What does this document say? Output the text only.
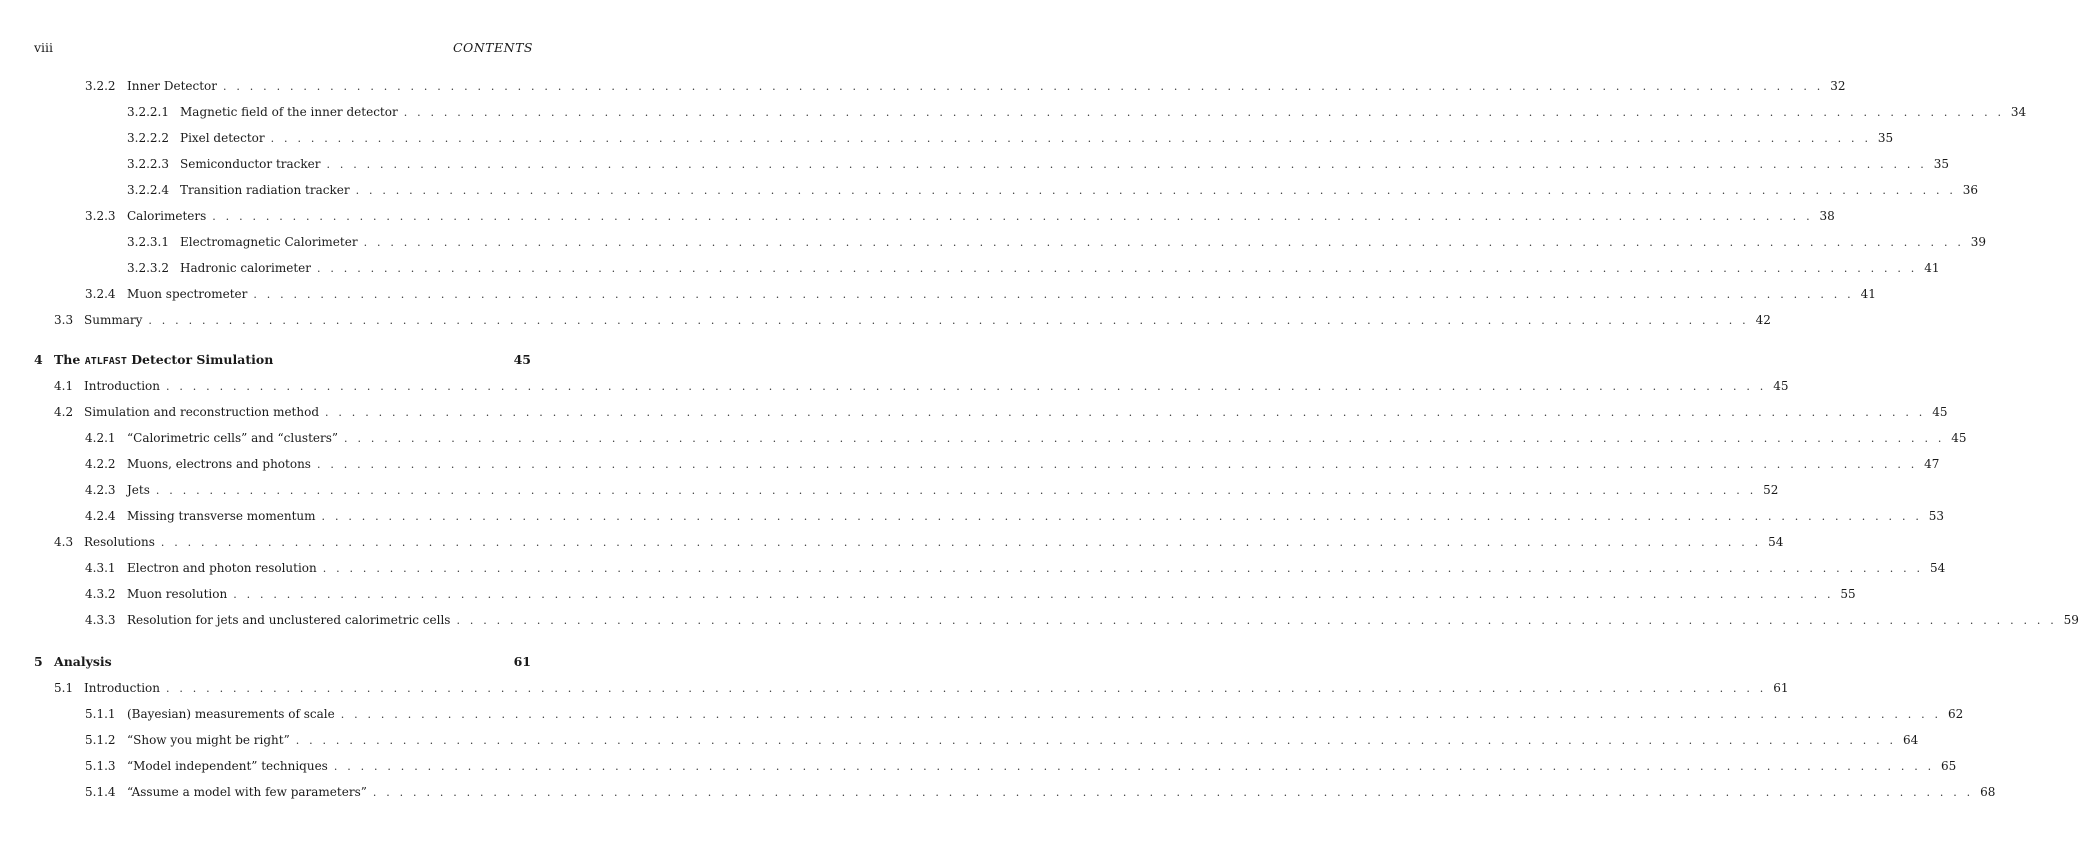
viii	CONTENTS
3.2.2 Inner Detector . . . . . . . . . . . . . . . . . . . . . . . . . . . . . . . . . . . . . . . . . . . . . . . . . . . . . . . . . . . . . . . . . . . . . . . . . . . . . . . . . . . . . . . . . . . . . . . . . . . . . . . . . . . . . . . . . . . . . . . . 32
3.2.2.1 Magnetic field of the inner detector . . . . . . . . . . . . . . . . . . . . . . . . . . . . . . . . . . . . . . . . . . . . . . . . . . . . . . . . . . . . . . . . . . . . . . . . . . . . . . . . . . . . . . . . . . . . . . . . . . . . . . . . . . . . . . . . . . . . . . . . 34
3.2.2.2 Pixel detector . . . . . . . . . . . . . . . . . . . . . . . . . . . . . . . . . . . . . . . . . . . . . . . . . . . . . . . . . . . . . . . . . . . . . . . . . . . . . . . . . . . . . . . . . . . . . . . . . . . . . . . . . . . . . . . . . . . . . . . . 35
3.2.2.3 Semiconductor tracker . . . . . . . . . . . . . . . . . . . . . . . . . . . . . . . . . . . . . . . . . . . . . . . . . . . . . . . . . . . . . . . . . . . . . . . . . . . . . . . . . . . . . . . . . . . . . . . . . . . . . . . . . . . . . . . . . . . . . . . . 35
3.2.2.4 Transition radiation tracker . . . . . . . . . . . . . . . . . . . . . . . . . . . . . . . . . . . . . . . . . . . . . . . . . . . . . . . . . . . . . . . . . . . . . . . . . . . . . . . . . . . . . . . . . . . . . . . . . . . . . . . . . . . . . . . . . . . . . . . . 36
3.2.3 Calorimeters . . . . . . . . . . . . . . . . . . . . . . . . . . . . . . . . . . . . . . . . . . . . . . . . . . . . . . . . . . . . . . . . . . . . . . . . . . . . . . . . . . . . . . . . . . . . . . . . . . . . . . . . . . . . . . . . . . . . . . . . 38
3.2.3.1 Electromagnetic Calorimeter . . . . . . . . . . . . . . . . . . . . . . . . . . . . . . . . . . . . . . . . . . . . . . . . . . . . . . . . . . . . . . . . . . . . . . . . . . . . . . . . . . . . . . . . . . . . . . . . . . . . . . . . . . . . . . . . . . . . . . . . 39
3.2.3.2 Hadronic calorimeter . . . . . . . . . . . . . . . . . . . . . . . . . . . . . . . . . . . . . . . . . . . . . . . . . . . . . . . . . . . . . . . . . . . . . . . . . . . . . . . . . . . . . . . . . . . . . . . . . . . . . . . . . . . . . . . . . . . . . . . . 41
3.2.4 Muon spectrometer . . . . . . . . . . . . . . . . . . . . . . . . . . . . . . . . . . . . . . . . . . . . . . . . . . . . . . . . . . . . . . . . . . . . . . . . . . . . . . . . . . . . . . . . . . . . . . . . . . . . . . . . . . . . . . . . . . . . . . . . 41
3.3 Summary . . . . . . . . . . . . . . . . . . . . . . . . . . . . . . . . . . . . . . . . . . . . . . . . . . . . . . . . . . . . . . . . . . . . . . . . . . . . . . . . . . . . . . . . . . . . . . . . . . . . . . . . . . . . . . . . . . . . . . . . 42
4 The ATLFAST Detector Simulation	45
4.1 Introduction . . . . . . . . . . . . . . . . . . . . . . . . . . . . . . . . . . . . . . . . . . . . . . . . . . . . . . . . . . . . . . . . . . . . . . . . . . . . . . . . . . . . . . . . . . . . . . . . . . . . . . . . . . . . . . . . . . . . . . . . 45
4.2 Simulation and reconstruction method . . . . . . . . . . . . . . . . . . . . . . . . . . . . . . . . . . . . . . . . . . . . . . . . . . . . . . . . . . . . . . . . . . . . . . . . . . . . . . . . . . . . . . . . . . . . . . . . . . . . . . . . . . . . . . . . . . . . . . . . 45
4.2.1 “Calorimetric cells” and “clusters” . . . . . . . . . . . . . . . . . . . . . . . . . . . . . . . . . . . . . . . . . . . . . . . . . . . . . . . . . . . . . . . . . . . . . . . . . . . . . . . . . . . . . . . . . . . . . . . . . . . . . . . . . . . . . . . . . . . . . . . . 45
4.2.2 Muons, electrons and photons . . . . . . . . . . . . . . . . . . . . . . . . . . . . . . . . . . . . . . . . . . . . . . . . . . . . . . . . . . . . . . . . . . . . . . . . . . . . . . . . . . . . . . . . . . . . . . . . . . . . . . . . . . . . . . . . . . . . . . . . 47
4.2.3 Jets . . . . . . . . . . . . . . . . . . . . . . . . . . . . . . . . . . . . . . . . . . . . . . . . . . . . . . . . . . . . . . . . . . . . . . . . . . . . . . . . . . . . . . . . . . . . . . . . . . . . . . . . . . . . . . . . . . . . . . . . 52
4.2.4 Missing transverse momentum . . . . . . . . . . . . . . . . . . . . . . . . . . . . . . . . . . . . . . . . . . . . . . . . . . . . . . . . . . . . . . . . . . . . . . . . . . . . . . . . . . . . . . . . . . . . . . . . . . . . . . . . . . . . . . . . . . . . . . . . 53
4.3 Resolutions . . . . . . . . . . . . . . . . . . . . . . . . . . . . . . . . . . . . . . . . . . . . . . . . . . . . . . . . . . . . . . . . . . . . . . . . . . . . . . . . . . . . . . . . . . . . . . . . . . . . . . . . . . . . . . . . . . . . . . . . 54
4.3.1 Electron and photon resolution . . . . . . . . . . . . . . . . . . . . . . . . . . . . . . . . . . . . . . . . . . . . . . . . . . . . . . . . . . . . . . . . . . . . . . . . . . . . . . . . . . . . . . . . . . . . . . . . . . . . . . . . . . . . . . . . . . . . . . . . 54
4.3.2 Muon resolution . . . . . . . . . . . . . . . . . . . . . . . . . . . . . . . . . . . . . . . . . . . . . . . . . . . . . . . . . . . . . . . . . . . . . . . . . . . . . . . . . . . . . . . . . . . . . . . . . . . . . . . . . . . . . . . . . . . . . . . . 55
4.3.3 Resolution for jets and unclustered calorimetric cells . . . . . . . . . . . . . . . . . . . . . . . . . . . . . . . . . . . . . . . . . . . . . . . . . . . . . . . . . . . . . . . . . . . . . . . . . . . . . . . . . . . . . . . . . . . . . . . . . . . . . . . . . . . . . . . . . . . . . . . . 59
5 Analysis	61
5.1 Introduction . . . . . . . . . . . . . . . . . . . . . . . . . . . . . . . . . . . . . . . . . . . . . . . . . . . . . . . . . . . . . . . . . . . . . . . . . . . . . . . . . . . . . . . . . . . . . . . . . . . . . . . . . . . . . . . . . . . . . . . . 61
5.1.1 (Bayesian) measurements of scale . . . . . . . . . . . . . . . . . . . . . . . . . . . . . . . . . . . . . . . . . . . . . . . . . . . . . . . . . . . . . . . . . . . . . . . . . . . . . . . . . . . . . . . . . . . . . . . . . . . . . . . . . . . . . . . . . . . . . . . . 62
5.1.2 “Show you might be right” . . . . . . . . . . . . . . . . . . . . . . . . . . . . . . . . . . . . . . . . . . . . . . . . . . . . . . . . . . . . . . . . . . . . . . . . . . . . . . . . . . . . . . . . . . . . . . . . . . . . . . . . . . . . . . . . . . . . . . . . 64
5.1.3 “Model independent” techniques . . . . . . . . . . . . . . . . . . . . . . . . . . . . . . . . . . . . . . . . . . . . . . . . . . . . . . . . . . . . . . . . . . . . . . . . . . . . . . . . . . . . . . . . . . . . . . . . . . . . . . . . . . . . . . . . . . . . . . . . 65
5.1.4 “Assume a model with few parameters” . . . . . . . . . . . . . . . . . . . . . . . . . . . . . . . . . . . . . . . . . . . . . . . . . . . . . . . . . . . . . . . . . . . . . . . . . . . . . . . . . . . . . . . . . . . . . . . . . . . . . . . . . . . . . . . . . . . . . . . . 68
